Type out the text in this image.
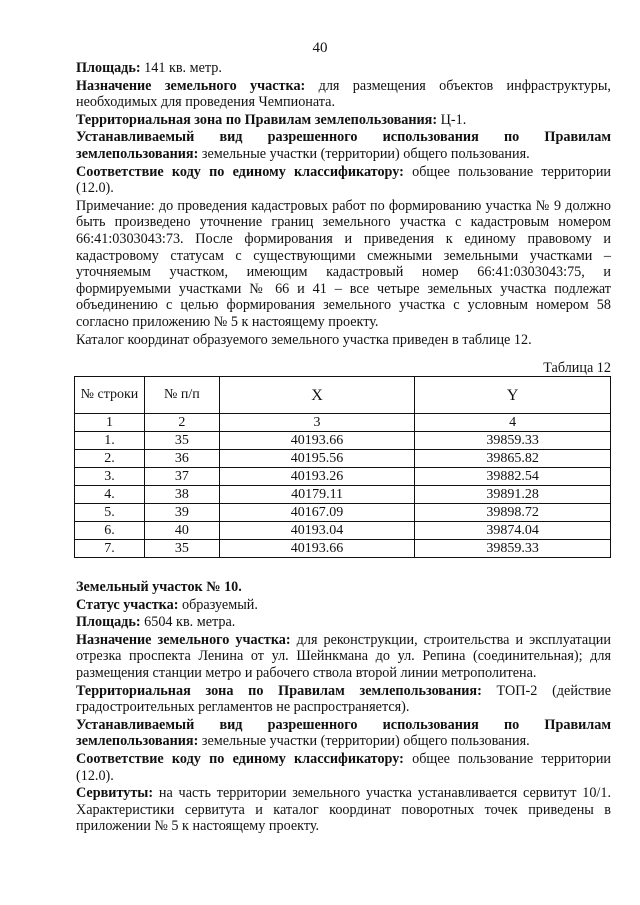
40

Площадь: 141 кв. метр.

Назначение земельного участка: для размещения объектов инфраструктуры, необходимых для проведения Чемпионата.

Территориальная зона по Правилам землепользования: Ц-1.

Устанавливаемый вид разрешенного использования по Правилам землепользования: земельные участки (территории) общего пользования.

Соответствие коду по единому классификатору: общее пользование территории (12.0).

Примечание: до проведения кадастровых работ по формированию участка № 9 должно быть произведено уточнение границ земельного участка с кадастровым номером 66:41:0303043:73. После формирования и приведения к единому правовому и кадастровому статусам с существующими смежными земельными участками – уточняемым участком, имеющим кадастровый номер 66:41:0303043:75, и формируемыми участками № 66 и 41 – все четыре земельных участка подлежат объединению с целью формирования земельного участка с условным номером 58 согласно приложению № 5 к настоящему проекту.

Каталог координат образуемого земельного участка приведен в таблице 12.

Таблица 12

№ строки	№ п/п	X	Y
1	2	3	4
1.	35	40193.66	39859.33
2.	36	40195.56	39865.82
3.	37	40193.26	39882.54
4.	38	40179.11	39891.28
5.	39	40167.09	39898.72
6.	40	40193.04	39874.04
7.	35	40193.66	39859.33

Земельный участок № 10.

Статус участка: образуемый.

Площадь: 6504 кв. метра.

Назначение земельного участка: для реконструкции, строительства и эксплуатации отрезка проспекта Ленина от ул. Шейнкмана до ул. Репина (соединительная); для размещения станции метро и рабочего ствола второй линии метрополитена.

Территориальная зона по Правилам землепользования: ТОП-2 (действие градостроительных регламентов не распространяется).

Устанавливаемый вид разрешенного использования по Правилам землепользования: земельные участки (территории) общего пользования.

Соответствие коду по единому классификатору: общее пользование территории (12.0).

Сервитуты: на часть территории земельного участка устанавливается сервитут 10/1. Характеристики сервитута и каталог координат поворотных точек приведены в приложении № 5 к настоящему проекту.
